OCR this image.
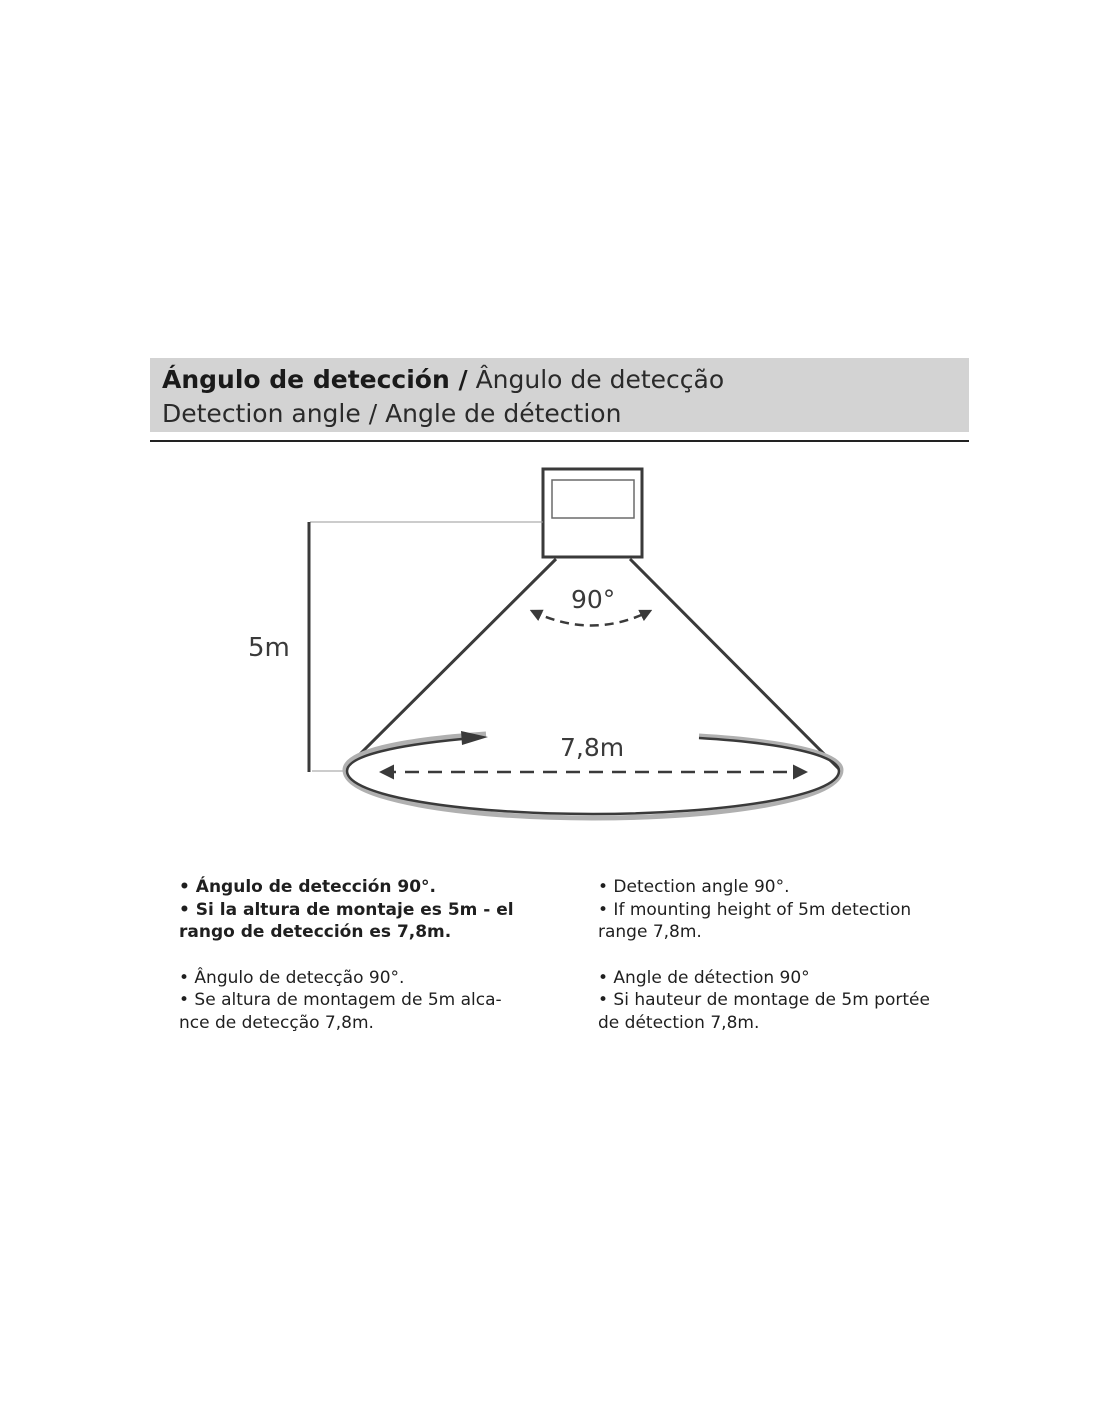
Ángulo de detección / Ângulo de detecção
Detection angle / Angle de détection
5m
90°
7,8m

• Ángulo de detección 90°.
• Si la altura de montaje es 5m - el
rango de detección es 7,8m.

• Ângulo de detecção 90°.
• Se altura de montagem de 5m alca-
nce de detecção 7,8m.

• Detection angle 90°.
• If mounting height of 5m detection
range 7,8m.

• Angle de détection 90°
• Si hauteur de montage de 5m portée
de détection 7,8m.
